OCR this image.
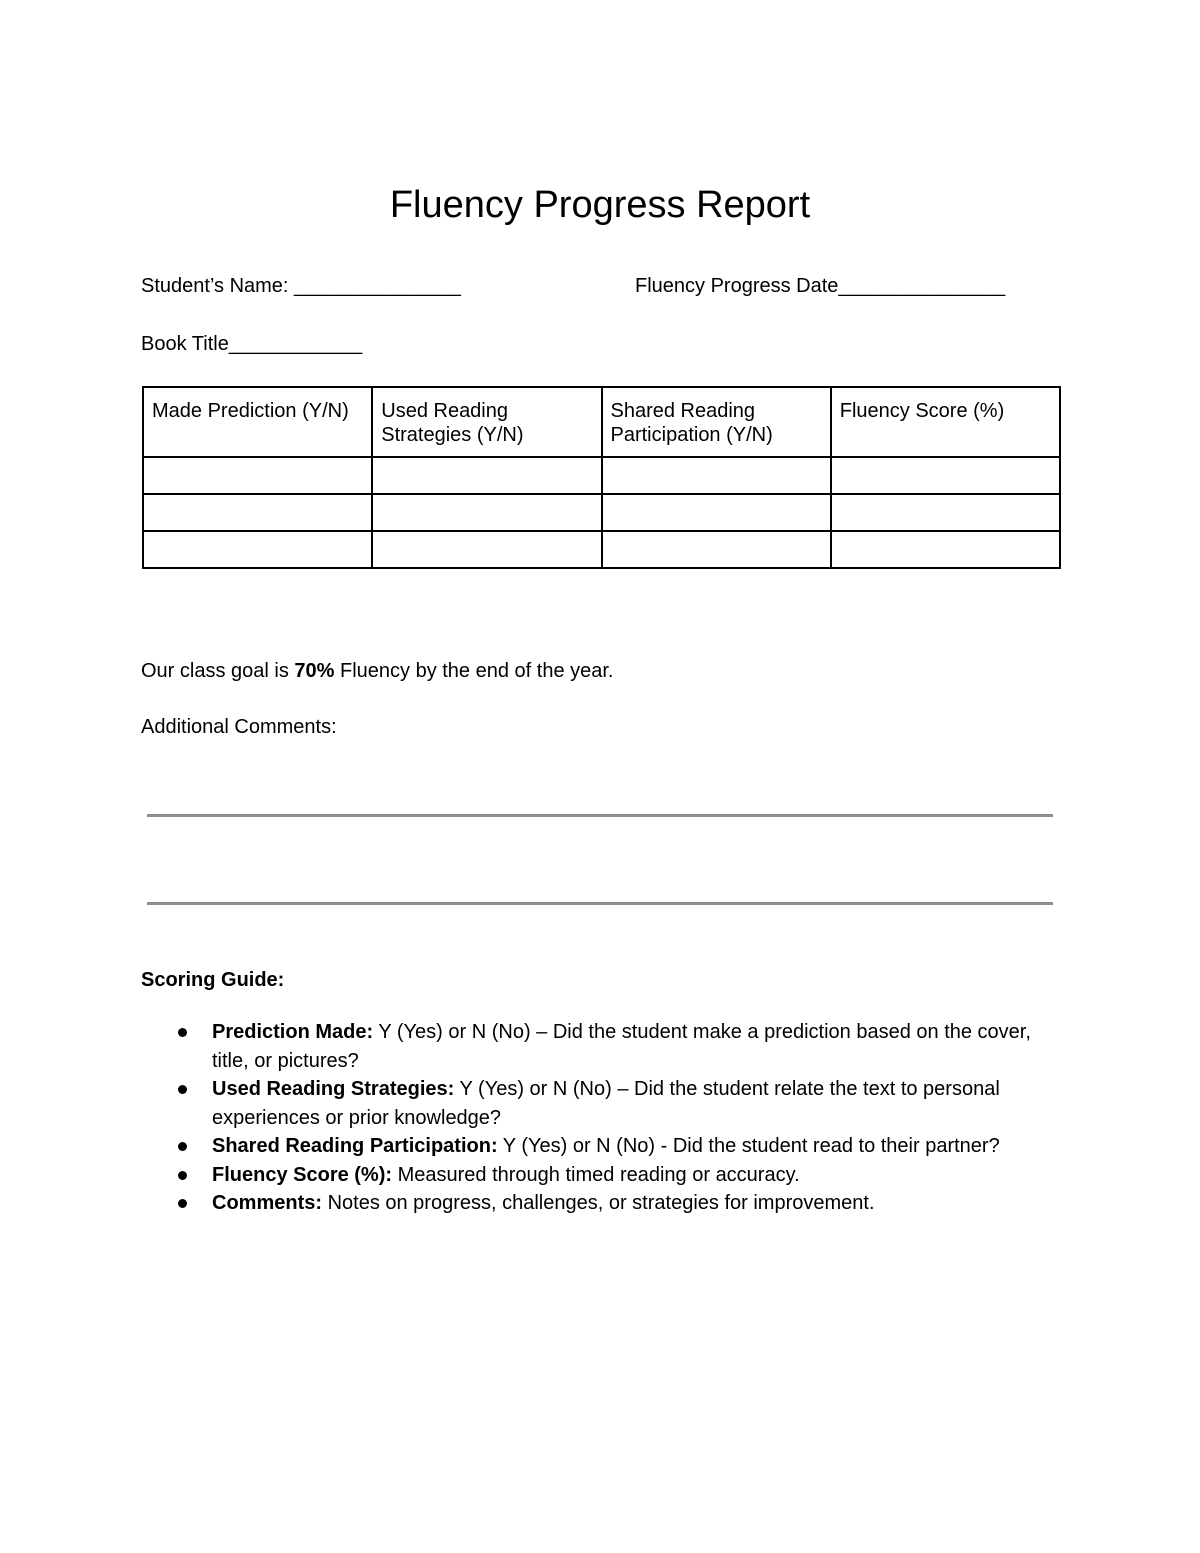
Fluency Progress Report
Student’s Name: _______________	Fluency Progress Date_______________
Book Title____________
Made Prediction (Y/N)	Used Reading Strategies (Y/N)	Shared Reading Participation (Y/N)	Fluency Score (%)

Our class goal is 70% Fluency by the end of the year.
Additional Comments:
Scoring Guide:
Prediction Made: Y (Yes) or N (No) – Did the student make a prediction based on the cover, title, or pictures?
Used Reading Strategies: Y (Yes) or N (No) – Did the student relate the text to personal experiences or prior knowledge?
Shared Reading Participation: Y (Yes) or N (No) - Did the student read to their partner?
Fluency Score (%): Measured through timed reading or accuracy.
Comments: Notes on progress, challenges, or strategies for improvement.
